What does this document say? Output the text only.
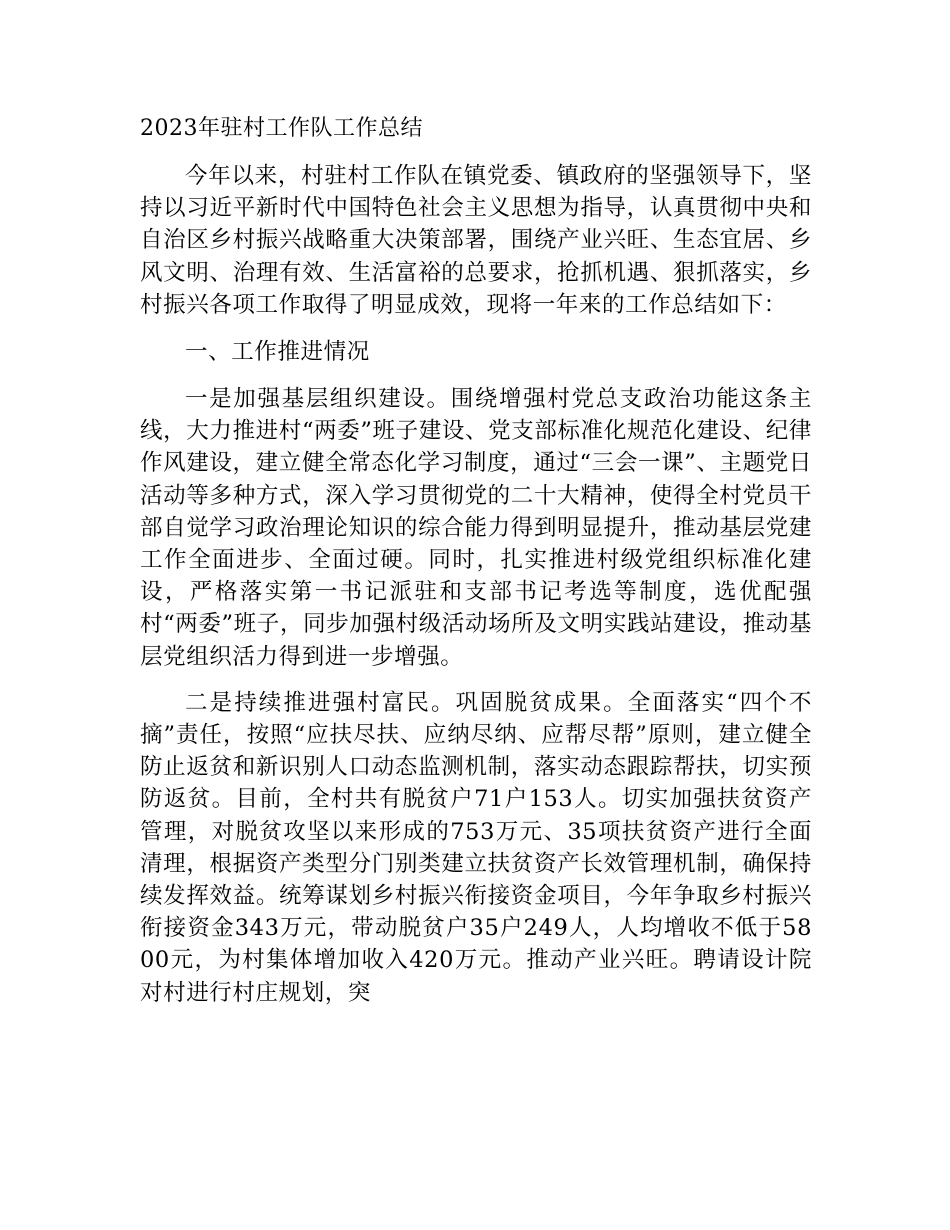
2023年驻村工作队工作总结

今年以来，村驻村工作队在镇党委、镇政府的坚强领导下，坚持以习近平新时代中国特色社会主义思想为指导，认真贯彻中央和自治区乡村振兴战略重大决策部署，围绕产业兴旺、生态宜居、乡风文明、治理有效、生活富裕的总要求，抢抓机遇、狠抓落实，乡村振兴各项工作取得了明显成效，现将一年来的工作总结如下：

一、工作推进情况

一是加强基层组织建设。围绕增强村党总支政治功能这条主线，大力推进村“两委”班子建设、党支部标准化规范化建设、纪律作风建设，建立健全常态化学习制度，通过“三会一课”、主题党日活动等多种方式，深入学习贯彻党的二十大精神，使得全村党员干部自觉学习政治理论知识的综合能力得到明显提升，推动基层党建工作全面进步、全面过硬。同时，扎实推进村级党组织标准化建设，严格落实第一书记派驻和支部书记考选等制度，选优配强村“两委”班子，同步加强村级活动场所及文明实践站建设，推动基层党组织活力得到进一步增强。

二是持续推进强村富民。巩固脱贫成果。全面落实“四个不摘”责任，按照“应扶尽扶、应纳尽纳、应帮尽帮”原则，建立健全防止返贫和新识别人口动态监测机制，落实动态跟踪帮扶，切实预防返贫。目前，全村共有脱贫户71户153人。切实加强扶贫资产管理，对脱贫攻坚以来形成的753万元、35项扶贫资产进行全面清理，根据资产类型分门别类建立扶贫资产长效管理机制，确保持续发挥效益。统筹谋划乡村振兴衔接资金项目，今年争取乡村振兴衔接资金343万元，带动脱贫户35户249人，人均增收不低于5800元，为村集体增加收入420万元。推动产业兴旺。聘请设计院对村进行村庄规划，突
